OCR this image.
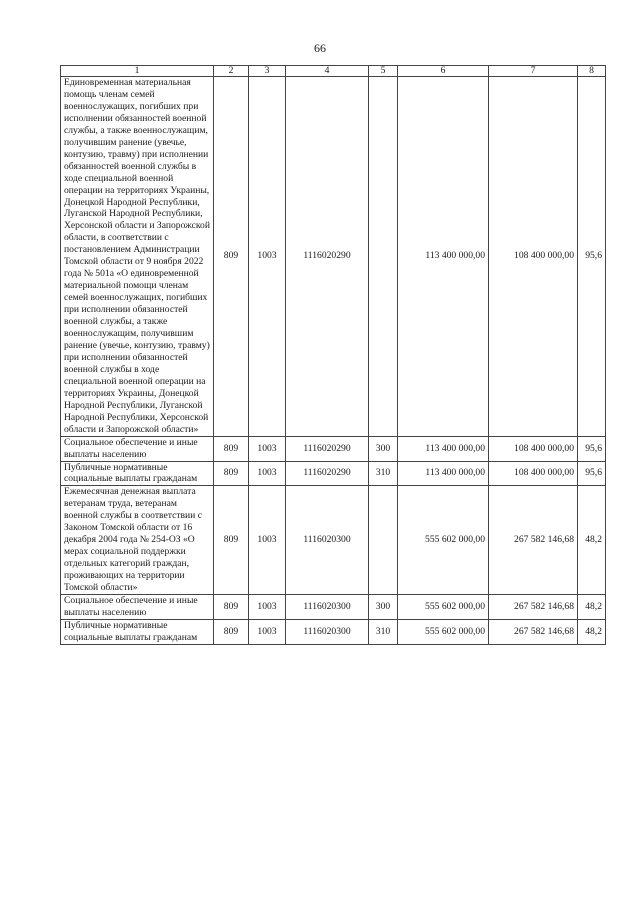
66
1	2	3	4	5	6	7	8
Единовременная материальная помощь членам семей военнослужащих, погибших при исполнении обязанностей военной службы, а также военнослужащим, получившим ранение (увечье, контузию, травму) при исполнении обязанностей военной службы в ходе специальной военной операции на территориях Украины, Донецкой Народной Республики, Луганской Народной Республики, Херсонской области и Запорожской области, в соответствии с постановлением Администрации Томской области от 9 ноября 2022 года № 501а «О единовременной материальной помощи членам семей военнослужащих, погибших при исполнении обязанностей военной службы, а также военнослужащим, получившим ранение (увечье, контузию, травму) при исполнении обязанностей военной службы в ходе специальной военной операции на территориях Украины, Донецкой Народной Республики, Луганской Народной Республики, Херсонской области и Запорожской области»	809	1003	1116020290		113 400 000,00	108 400 000,00	95,6
Социальное обеспечение и иные выплаты населению	809	1003	1116020290	300	113 400 000,00	108 400 000,00	95,6
Публичные нормативные социальные выплаты гражданам	809	1003	1116020290	310	113 400 000,00	108 400 000,00	95,6
Ежемесячная денежная выплата ветеранам труда, ветеранам военной службы в соответствии с Законом Томской области от 16 декабря 2004 года № 254-ОЗ «О мерах социальной поддержки отдельных категорий граждан, проживающих на территории Томской области»	809	1003	1116020300		555 602 000,00	267 582 146,68	48,2
Социальное обеспечение и иные выплаты населению	809	1003	1116020300	300	555 602 000,00	267 582 146,68	48,2
Публичные нормативные социальные выплаты гражданам	809	1003	1116020300	310	555 602 000,00	267 582 146,68	48,2
